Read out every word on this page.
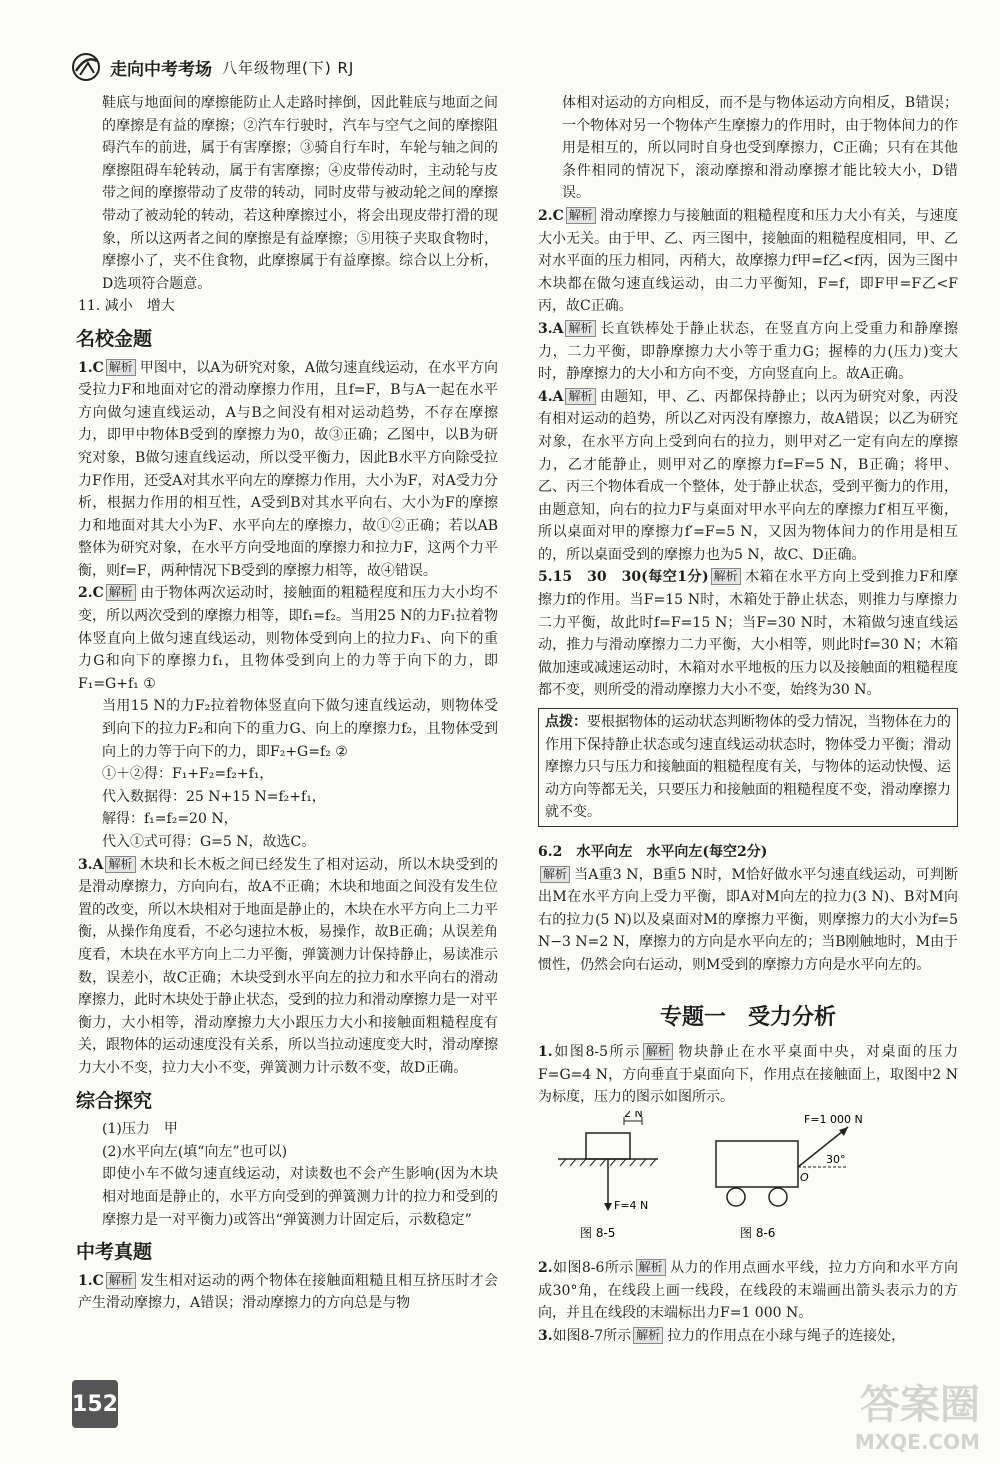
走向中考考场 八年级物理(下) RJ

鞋底与地面间的摩擦能防止人走路时摔倒，因此鞋底与地面之间的摩擦是有益的摩擦；②汽车行驶时，汽车与空气之间的摩擦阻碍汽车的前进，属于有害摩擦；③骑自行车时，车轮与轴之间的摩擦阻碍车轮转动，属于有害摩擦；④皮带传动时，主动轮与皮带之间的摩擦带动了皮带的转动，同时皮带与被动轮之间的摩擦带动了被动轮的转动，若这种摩擦过小，将会出现皮带打滑的现象，所以这两者之间的摩擦是有益摩擦；⑤用筷子夹取食物时，摩擦小了，夹不住食物，此摩擦属于有益摩擦。综合以上分析，D选项符合题意。

11. 减小　增大

名校金题

1.C 解析 甲图中，以A为研究对象，A做匀速直线运动，在水平方向受拉力F和地面对它的滑动摩擦力作用，且f=F，B与A一起在水平方向做匀速直线运动，A与B之间没有相对运动趋势，不存在摩擦力，即甲中物体B受到的摩擦力为0，故③正确；乙图中，以B为研究对象，B做匀速直线运动，所以受平衡力，因此B水平方向除受拉力F作用，还受A对其水平向左的摩擦力作用，大小为F，对A受力分析，根据力作用的相互性，A受到B对其水平向右、大小为F的摩擦力和地面对其大小为F、水平向左的摩擦力，故①②正确；若以AB整体为研究对象，在水平方向受地面的摩擦力和拉力F，这两个力平衡，则f=F，两种情况下B受到的摩擦力相等，故④错误。

2.C 解析 由于物体两次运动时，接触面的粗糙程度和压力大小均不变，所以两次受到的摩擦力相等，即f₁=f₂。当用25 N的力F₁拉着物体竖直向上做匀速直线运动，则物体受到向上的拉力F₁、向下的重力G和向下的摩擦力f₁，且物体受到向上的力等于向下的力，即F₁=G+f₁ ①

当用15 N的力F₂拉着物体竖直向下做匀速直线运动，则物体受到向下的拉力F₂和向下的重力G、向上的摩擦力f₂，且物体受到向上的力等于向下的力，即F₂+G=f₂ ②

①＋②得：F₁+F₂=f₂+f₁，

代入数据得：25 N+15 N=f₂+f₁，

解得：f₁=f₂=20 N，

代入①式可得：G=5 N，故选C。

3.A 解析 木块和长木板之间已经发生了相对运动，所以木块受到的是滑动摩擦力，方向向右，故A不正确；木块和地面之间没有发生位置的改变，所以木块相对于地面是静止的，木块在水平方向上二力平衡，从操作角度看，不必匀速拉木板，易操作，故B正确；从误差角度看，木块在水平方向上二力平衡，弹簧测力计保持静止，易读准示数，误差小，故C正确；木块受到水平向左的拉力和水平向右的滑动摩擦力，此时木块处于静止状态，受到的拉力和滑动摩擦力是一对平衡力，大小相等，滑动摩擦力大小跟压力大小和接触面粗糙程度有关，跟物体的运动速度没有关系，所以当拉动速度变大时，滑动摩擦力大小不变，拉力大小不变，弹簧测力计示数不变，故D正确。

综合探究

(1)压力　甲

(2)水平向左(填“向左”也可以)

即使小车不做匀速直线运动，对读数也不会产生影响(因为木块相对地面是静止的，水平方向受到的弹簧测力计的拉力和受到的摩擦力是一对平衡力)或答出“弹簧测力计固定后，示数稳定”

中考真题

1.C 解析 发生相对运动的两个物体在接触面粗糙且相互挤压时才会产生滑动摩擦力，A错误；滑动摩擦力的方向总是与物

体相对运动的方向相反，而不是与物体运动方向相反，B错误；一个物体对另一个物体产生摩擦力的作用时，由于物体间力的作用是相互的，所以同时自身也受到摩擦力，C正确；只有在其他条件相同的情况下，滚动摩擦和滑动摩擦才能比较大小，D错误。

2.C 解析 滑动摩擦力与接触面的粗糙程度和压力大小有关，与速度大小无关。由于甲、乙、丙三图中，接触面的粗糙程度相同，甲、乙对水平面的压力相同，丙稍大，故摩擦力f甲=f乙<f丙，因为三图中木块都在做匀速直线运动，由二力平衡知，F=f，即F甲=F乙<F丙，故C正确。

3.A 解析 长直铁棒处于静止状态，在竖直方向上受重力和静摩擦力，二力平衡，即静摩擦力大小等于重力G；握棒的力(压力)变大时，静摩擦力的大小和方向不变，方向竖直向上。故A正确。

4.A 解析 由题知，甲、乙、丙都保持静止；以丙为研究对象，丙没有相对运动的趋势，所以乙对丙没有摩擦力，故A错误；以乙为研究对象，在水平方向上受到向右的拉力，则甲对乙一定有向左的摩擦力，乙才能静止，则甲对乙的摩擦力f=F=5 N，B正确；将甲、乙、丙三个物体看成一个整体，处于静止状态，受到平衡力的作用，由题意知，向右的拉力F与桌面对甲水平向左的摩擦力f′相互平衡，所以桌面对甲的摩擦力f′=F=5 N，又因为物体间力的作用是相互的，所以桌面受到的摩擦力也为5 N，故C、D正确。

5.15　30　30(每空1分) 解析 木箱在水平方向上受到推力F和摩擦力f的作用。当F=15 N时，木箱处于静止状态，则推力与摩擦力二力平衡，故此时f=F=15 N；当F=30 N时，木箱做匀速直线运动，推力与滑动摩擦力二力平衡，大小相等，则此时f=30 N；木箱做加速或减速运动时，木箱对水平地板的压力以及接触面的粗糙程度都不变，则所受的滑动摩擦力大小不变，始终为30 N。

点拨：要根据物体的运动状态判断物体的受力情况，当物体在力的作用下保持静止状态或匀速直线运动状态时，物体受力平衡；滑动摩擦力只与压力和接触面的粗糙程度有关，与物体的运动快慢、运动方向等都无关，只要压力和接触面的粗糙程度不变，滑动摩擦力就不变。

6.2　水平向左　水平向左(每空2分)

解析 当A重3 N，B重5 N时，M恰好做水平匀速直线运动，可判断出M在水平方向上受力平衡，即A对M向左的拉力(3 N)、B对M向右的拉力(5 N)以及桌面对M的摩擦力平衡，则摩擦力的大小为f=5 N−3 N=2 N，摩擦力的方向是水平向左的；当B刚触地时，M由于惯性，仍然会向右运动，则M受到的摩擦力方向是水平向左的。

专题一　受力分析

1.如图8-5所示 解析 物块静止在水平桌面中央，对桌面的压力F=G=4 N，方向垂直于桌面向下，作用点在接触面上，取图中2 N为标度，压力的图示如图所示。

2 N
F=4 N
图 8-5
F=1 000 N
30°
O
图 8-6

2.如图8-6所示 解析 从力的作用点画水平线，拉力方向和水平方向成30°角，在线段上画一线段，在线段的末端画出箭头表示力的方向，并且在线段的末端标出力F=1 000 N。

3.如图8-7所示 解析 拉力的作用点在小球与绳子的连接处，

152	答案圈
MXQE.COM
